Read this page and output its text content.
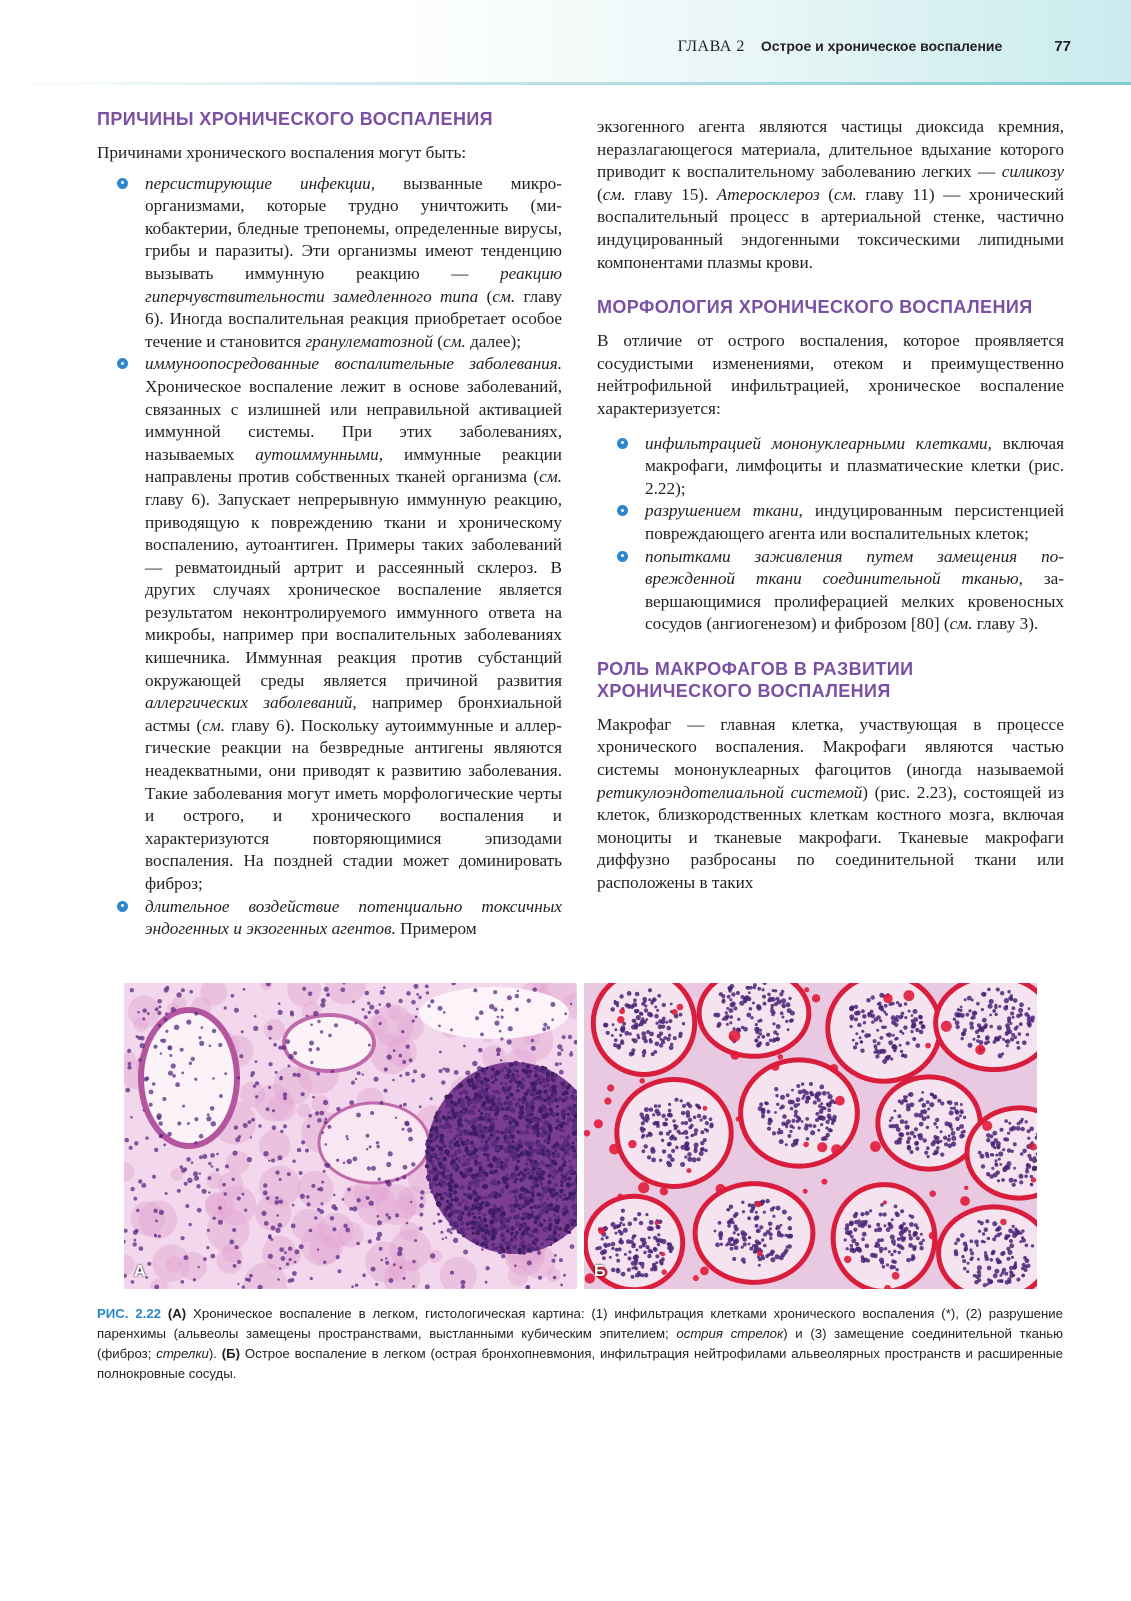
ГЛАВА 2 Острое и хроническое воспаление	77
ПРИЧИНЫ ХРОНИЧЕСКОГО ВОСПАЛЕНИЯ

Причинами хронического воспаления могут быть:

персистирующие инфекции, вызванные микроорганизмами, которые трудно уничтожить (микобактерии, бледные трепонемы, определенные вирусы, грибы и паразиты). Эти организмы имеют тенденцию вызывать иммунную реакцию — реакцию гиперчувствительности замедленного типа (см. главу 6). Иногда воспалительная реакция приобретает особое течение и становится гранулематозной (см. далее);
иммуноопосредованные воспалительные заболевания. Хроническое воспаление лежит в основе заболеваний, связанных с излишней или неправильной активацией иммунной системы. При этих заболеваниях, называемых аутоиммунными, иммунные реакции направлены против собственных тканей организма (см. главу 6). Запускает непрерывную иммунную реакцию, приводящую к повреждению ткани и хроническому воспалению, аутоантиген. Примеры таких заболеваний — ревматоидный артрит и рассеянный склероз. В других случаях хроническое воспаление является результатом неконтролируемого иммунного ответа на микробы, например при воспалительных заболеваниях кишечника. Иммунная реакция против субстанций окружающей среды является причиной развития аллергических заболеваний, например бронхиальной астмы (см. главу 6). Поскольку аутоиммунные и аллергические реакции на безвредные антигены являются неадекватными, они приводят к развитию заболевания. Такие заболевания могут иметь морфологические черты и острого, и хронического воспаления и характеризуются повторяющимися эпизодами воспаления. На поздней стадии может доминировать фиброз;
длительное воздействие потенциально токсичных эндогенных и экзогенных агентов. Примером

экзогенного агента являются частицы диоксида кремния, неразлагающегося материала, длительное вдыхание которого приводит к воспалительному заболеванию легких — силикозу (см. главу 15). Атеросклероз (см. главу 11) — хронический воспалительный процесс в артериальной стенке, частично индуцированный эндогенными токсическими липидными компонентами плазмы крови.

МОРФОЛОГИЯ ХРОНИЧЕСКОГО ВОСПАЛЕНИЯ

В отличие от острого воспаления, которое проявляется сосудистыми изменениями, отеком и преимущественно нейтрофильной инфильтрацией, хроническое воспаление характеризуется:

инфильтрацией мононуклеарными клетками, включая макрофаги, лимфоциты и плазматические клетки (рис. 2.22);
разрушением ткани, индуцированным персистенцией повреждающего агента или воспалительных клеток;
попытками заживления путем замещения поврежденной ткани соединительной тканью, завершающимися пролиферацией мелких кровеносных сосудов (ангиогенезом) и фиброзом [80] (см. главу 3).
РОЛЬ МАКРОФАГОВ В РАЗВИТИИ ХРОНИЧЕСКОГО ВОСПАЛЕНИЯ

Макрофаг — главная клетка, участвующая в процессе хронического воспаления. Макрофаги являются частью системы мононуклеарных фагоцитов (иногда называемой ретикулоэндотелиальной системой) (рис. 2.23), состоящей из клеток, близкородственных клеткам костного мозга, включая моноциты и тканевые макрофаги. Тканевые макрофаги диффузно разбросаны по соединительной ткани или расположены в таких

А	Б
РИС. 2.22 (А) Хроническое воспаление в легком, гистологическая картина: (1) инфильтрация клетками хронического воспаления (*), (2) разрушение паренхимы (альвеолы замещены пространствами, выстланными кубическим эпителием; острия стрелок) и (3) замещение соединительной тканью (фиброз; стрелки). (Б) Острое воспаление в легком (острая бронхопневмония, инфильтрация нейтрофилами альвеолярных пространств и расширенные полнокровные сосуды.
